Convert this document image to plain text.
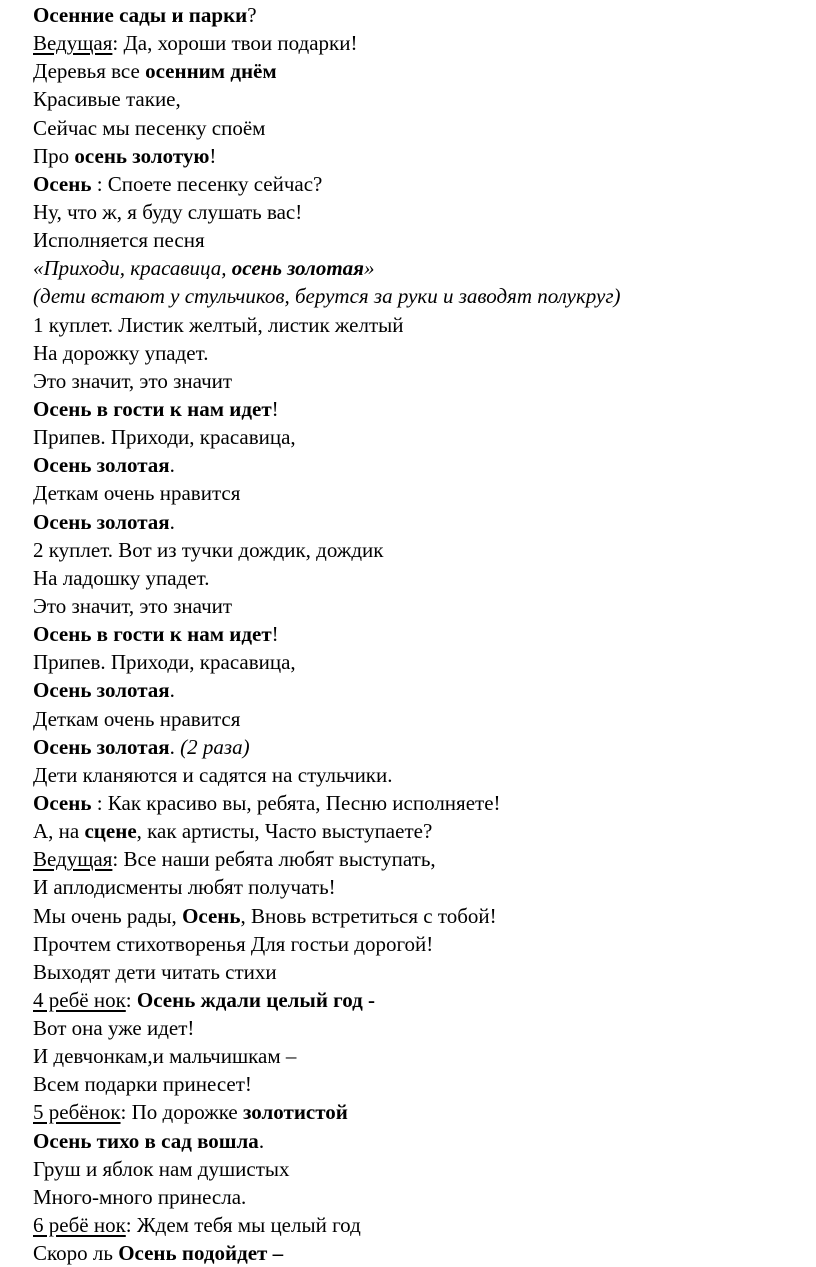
Осенние сады и парки?
Ведущая: Да, хороши твои подарки!
Деревья все осенним днём
Красивые такие,
Сейчас мы песенку споём
Про осень золотую!
Осень : Споете песенку сейчас?
Ну, что ж, я буду слушать вас!
Исполняется песня
«Приходи, красавица, осень золотая»
(дети встают у стульчиков, берутся за руки и заводят полукруг)
1 куплет. Листик желтый, листик желтый
На дорожку упадет.
Это значит, это значит
Осень в гости к нам идет!
Припев. Приходи, красавица,
Осень золотая.
Деткам очень нравится
Осень золотая.
2 куплет. Вот из тучки дождик, дождик
На ладошку упадет.
Это значит, это значит
Осень в гости к нам идет!
Припев. Приходи, красавица,
Осень золотая.
Деткам очень нравится
Осень золотая. (2 раза)
Дети кланяются и садятся на стульчики.
Осень : Как красиво вы, ребята, Песню исполняете!
А, на сцене, как артисты, Часто выступаете?
Ведущая: Все наши ребята любят выступать,
И аплодисменты любят получать!
Мы очень рады, Осень, Вновь встретиться с тобой!
Прочтем стихотворенья Для гостьи дорогой!
Выходят дети читать стихи
4 ребё нок: Осень ждали целый год -
Вот она уже идет!
И девчонкам,и мальчишкам –
Всем подарки принесет!
5 ребёнок: По дорожке золотистой
Осень тихо в сад вошла.
Груш и яблок нам душистых
Много-много принесла.
6 ребё нок: Ждем тебя мы целый год
Скоро ль Осень подойдет –
